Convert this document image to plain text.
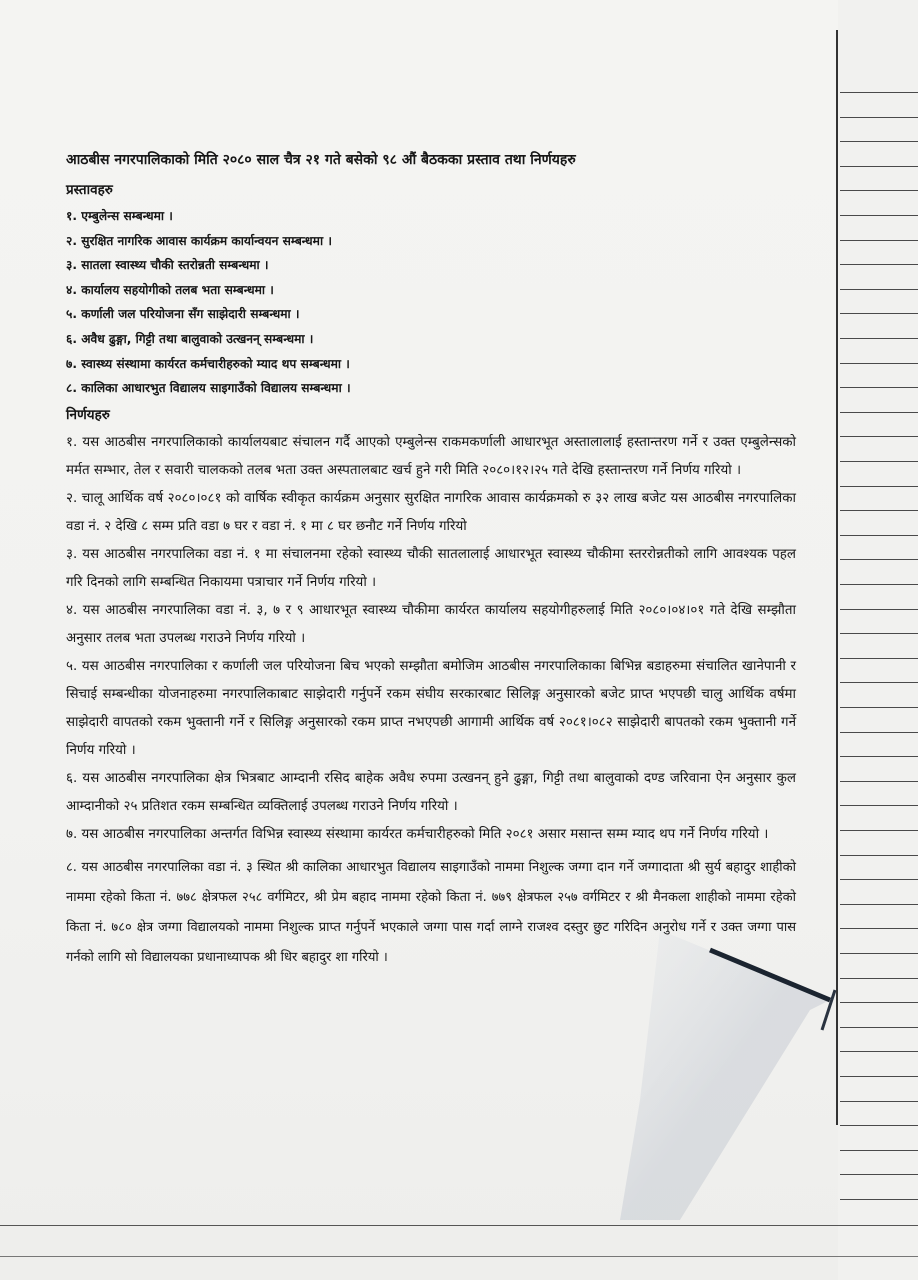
आठबीस नगरपालिकाको मिति २०८० साल चैत्र २१ गते बसेको ९८ औं बैठकका प्रस्ताव तथा निर्णयहरु
प्रस्तावहरु

१. एम्बुलेन्स सम्बन्धमा ।

२. सुरक्षित नागरिक आवास कार्यक्रम कार्यान्वयन सम्बन्धमा ।

३. सातला स्वास्थ्य चौकी स्तरोन्नती सम्बन्धमा ।

४. कार्यालय सहयोगीको तलब भता सम्बन्धमा ।

५. कर्णाली जल परियोजना सँग साझेदारी सम्बन्धमा ।

६. अवैध ढुङ्गा, गिट्टी तथा बालुवाको उत्खनन् सम्बन्धमा ।

७. स्वास्थ्य संस्थामा कार्यरत कर्मचारीहरुको म्याद थप सम्बन्धमा ।

८. कालिका आधारभुत विद्यालय साइगाउँको विद्यालय सम्बन्धमा ।

निर्णयहरु

१. यस आठबीस नगरपालिकाको कार्यालयबाट संचालन गर्दै आएको एम्बुलेन्स राकमकर्णाली आधारभूत अस्तालालाई हस्तान्तरण गर्ने र उक्त एम्बुलेन्सको मर्मत सम्भार, तेल र सवारी चालकको तलब भता उक्त अस्पतालबाट खर्च हुने गरी मिति २०८०।१२।२५ गते देखि हस्तान्तरण गर्ने निर्णय गरियो ।

२. चालू आर्थिक वर्ष २०८०।०८१ को वार्षिक स्वीकृत कार्यक्रम अनुसार सुरक्षित नागरिक आवास कार्यक्रमको रु ३२ लाख बजेट यस आठबीस नगरपालिका वडा नं. २ देखि ८ सम्म प्रति वडा ७ घर र वडा नं. १ मा ८ घर छनौट गर्ने निर्णय गरियो

३. यस आठबीस नगरपालिका वडा नं. १ मा संचालनमा रहेको स्वास्थ्य चौकी सातलालाई आधारभूत स्वास्थ्य चौकीमा स्तररोन्नतीको लागि आवश्यक पहल गरि दिनको लागि सम्बन्धित निकायमा पत्राचार गर्ने निर्णय गरियो ।

४. यस आठबीस नगरपालिका वडा नं. ३, ७ र ९ आधारभूत स्वास्थ्य चौकीमा कार्यरत कार्यालय सहयोगीहरुलाई मिति २०८०।०४।०१ गते देखि सम्झौता अनुसार तलब भता उपलब्ध गराउने निर्णय गरियो ।

५. यस आठबीस नगरपालिका र कर्णाली जल परियोजना बिच भएको सम्झौता बमोजिम आठबीस नगरपालिकाका बिभिन्न बडाहरुमा संचालित खानेपानी र सिचाई सम्बन्धीका योजनाहरुमा नगरपालिकाबाट साझेदारी गर्नुपर्ने रकम संघीय सरकारबाट सिलिङ्ग अनुसारको बजेट प्राप्त भएपछी चालु आर्थिक वर्षमा साझेदारी वापतको रकम भुक्तानी गर्ने र सिलिङ्ग अनुसारको रकम प्राप्त नभएपछी आगामी आर्थिक वर्ष २०८१।०८२ साझेदारी बापतको रकम भुक्तानी गर्ने निर्णय गरियो ।

६. यस आठबीस नगरपालिका क्षेत्र भित्रबाट आम्दानी रसिद बाहेक अवैध रुपमा उत्खनन् हुने ढुङ्गा, गिट्टी तथा बालुवाको दण्ड जरिवाना ऐन अनुसार कुल आम्दानीको २५ प्रतिशत रकम सम्बन्धित व्यक्तिलाई उपलब्ध गराउने निर्णय गरियो ।

७. यस आठबीस नगरपालिका अन्तर्गत विभिन्न स्वास्थ्य संस्थामा कार्यरत कर्मचारीहरुको मिति २०८१ असार मसान्त सम्म म्याद थप गर्ने निर्णय गरियो ।

८. यस आठबीस नगरपालिका वडा नं. ३ स्थित श्री कालिका आधारभुत विद्यालय साइगाउँको नाममा निशुल्क जग्गा दान गर्ने जग्गादाता श्री सुर्य बहादुर शाहीको नाममा रहेको किता नं. ७७८ क्षेत्रफल २५८ वर्गमिटर, श्री प्रेम बहाद नाममा रहेको किता नं. ७७९ क्षेत्रफल २५७ वर्गमिटर र श्री मैनकला शाहीको नाममा रहेको किता नं. ७८० क्षेत्र जग्गा विद्यालयको नाममा निशुल्क प्राप्त गर्नुपर्ने भएकाले जग्गा पास गर्दा लाग्ने राजश्व दस्तुर छुट गरिदिन अनुरोध गर्ने र उक्त जग्गा पास गर्नको लागि सो विद्यालयका प्रधानाध्यापक श्री धिर बहादुर शा गरियो ।
